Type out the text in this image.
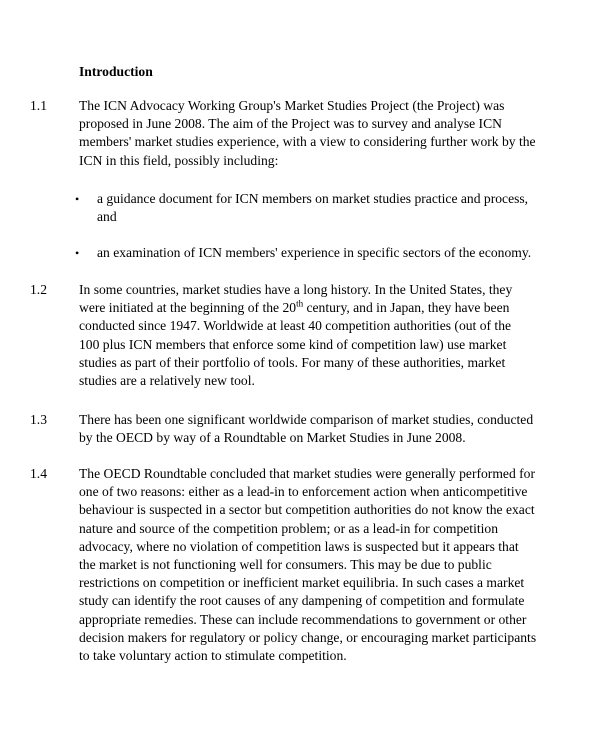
Introduction
1.1 The ICN Advocacy Working Group's Market Studies Project (the Project) was
proposed in June 2008. The aim of the Project was to survey and analyse ICN
members' market studies experience, with a view to considering further work by the
ICN in this field, possibly including:
• a guidance document for ICN members on market studies practice and process,
and
• an examination of ICN members' experience in specific sectors of the economy.
1.2 In some countries, market studies have a long history. In the United States, they
were initiated at the beginning of the 20th century, and in Japan, they have been
conducted since 1947. Worldwide at least 40 competition authorities (out of the
100 plus ICN members that enforce some kind of competition law) use market
studies as part of their portfolio of tools. For many of these authorities, market
studies are a relatively new tool.
1.3 There has been one significant worldwide comparison of market studies, conducted
by the OECD by way of a Roundtable on Market Studies in June 2008.
1.4 The OECD Roundtable concluded that market studies were generally performed for
one of two reasons: either as a lead-in to enforcement action when anticompetitive
behaviour is suspected in a sector but competition authorities do not know the exact
nature and source of the competition problem; or as a lead-in for competition
advocacy, where no violation of competition laws is suspected but it appears that
the market is not functioning well for consumers. This may be due to public
restrictions on competition or inefficient market equilibria. In such cases a market
study can identify the root causes of any dampening of competition and formulate
appropriate remedies. These can include recommendations to government or other
decision makers for regulatory or policy change, or encouraging market participants
to take voluntary action to stimulate competition.
